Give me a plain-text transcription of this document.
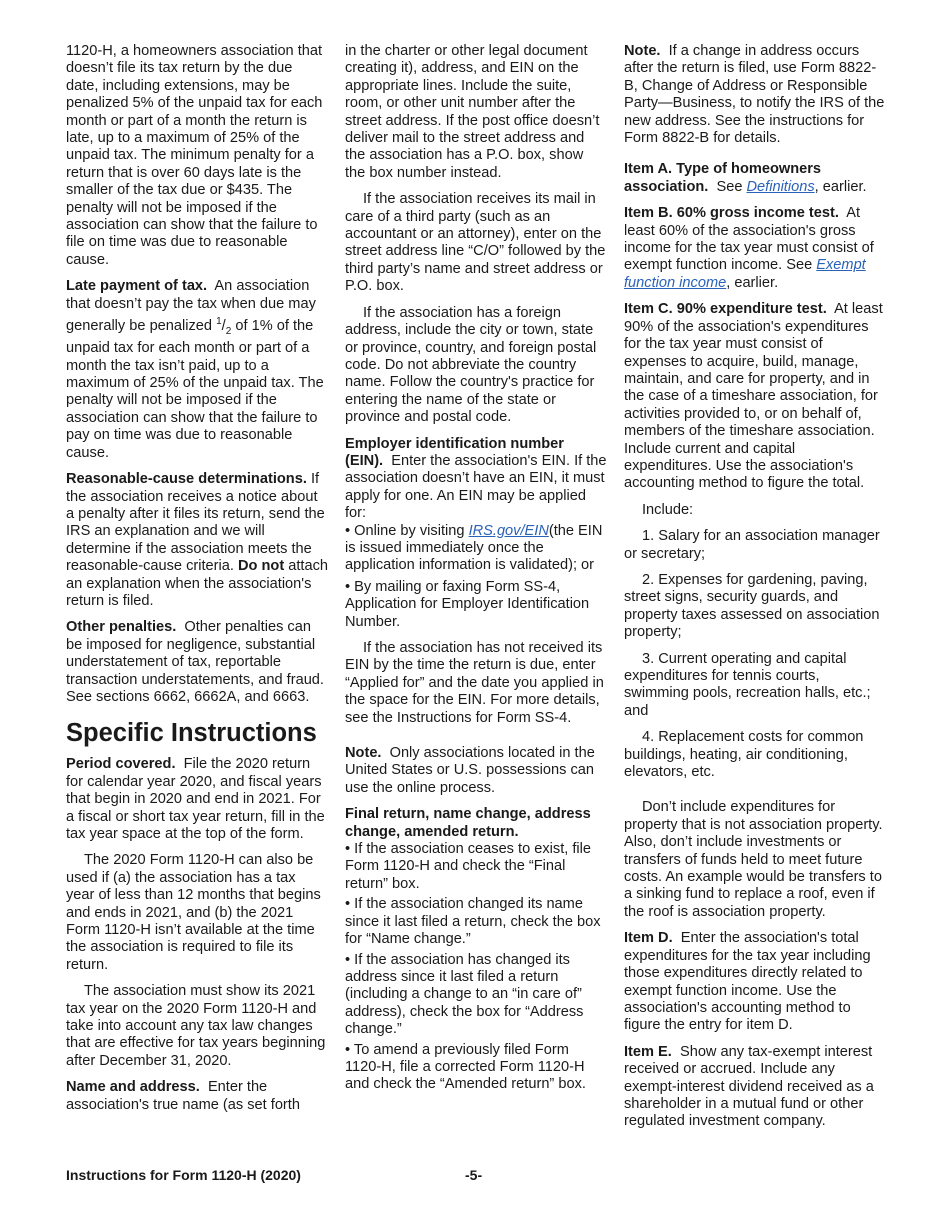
1120-H, a homeowners association that doesn’t file its tax return by the due date, including extensions, may be penalized 5% of the unpaid tax for each month or part of a month the return is late, up to a maximum of 25% of the unpaid tax. The minimum penalty for a return that is over 60 days late is the smaller of the tax due or $435. The penalty will not be imposed if the association can show that the failure to file on time was due to reasonable cause.

Late payment of tax. An association that doesn’t pay the tax when due may generally be penalized $^1/_2$ of 1% of the unpaid tax for each month or part of a month the tax isn’t paid, up to a maximum of 25% of the unpaid tax. The penalty will not be imposed if the association can show that the failure to pay on time was due to reasonable cause.

Reasonable-cause determinations. If the association receives a notice about a penalty after it files its return, send the IRS an explanation and we will determine if the association meets the reasonable-cause criteria. Do not attach an explanation when the association's return is filed.

Other penalties. Other penalties can be imposed for negligence, substantial understatement of tax, reportable transaction understatements, and fraud. See sections 6662, 6662A, and 6663.

Specific Instructions

Period covered. File the 2020 return for calendar year 2020, and fiscal years that begin in 2020 and end in 2021. For a fiscal or short tax year return, fill in the tax year space at the top of the form.

The 2020 Form 1120-H can also be used if (a) the association has a tax year of less than 12 months that begins and ends in 2021, and (b) the 2021 Form 1120-H isn’t available at the time the association is required to file its return.

The association must show its 2021 tax year on the 2020 Form 1120-H and take into account any tax law changes that are effective for tax years beginning after December 31, 2020.

Name and address. Enter the association's true name (as set forth

in the charter or other legal document creating it), address, and EIN on the appropriate lines. Include the suite, room, or other unit number after the street address. If the post office doesn’t deliver mail to the street address and the association has a P.O. box, show the box number instead.

If the association receives its mail in care of a third party (such as an accountant or an attorney), enter on the street address line “C/O” followed by the third party’s name and street address or P.O. box.

If the association has a foreign address, include the city or town, state or province, country, and foreign postal code. Do not abbreviate the country name. Follow the country's practice for entering the name of the state or province and postal code.

Employer identification number (EIN). Enter the association's EIN. If the association doesn’t have an EIN, it must apply for one. An EIN may be applied for:

• Online by visiting IRS.gov/EIN(the EIN is issued immediately once the application information is validated); or

• By mailing or faxing Form SS-4, Application for Employer Identification Number.

If the association has not received its EIN by the time the return is due, enter “Applied for” and the date you applied in the space for the EIN. For more details, see the Instructions for Form SS-4.

Note. Only associations located in the United States or U.S. possessions can use the online process.

Final return, name change, address change, amended return.

• If the association ceases to exist, file Form 1120-H and check the “Final return” box.

• If the association changed its name since it last filed a return, check the box for “Name change.”

• If the association has changed its address since it last filed a return (including a change to an “in care of” address), check the box for “Address change.”

• To amend a previously filed Form 1120-H, file a corrected Form 1120-H and check the “Amended return” box.

Note. If a change in address occurs after the return is filed, use Form 8822-B, Change of Address or Responsible Party—Business, to notify the IRS of the new address. See the instructions for Form 8822-B for details.

Item A. Type of homeowners association. See Definitions, earlier.

Item B. 60% gross income test. At least 60% of the association's gross income for the tax year must consist of exempt function income. See Exempt function income, earlier.

Item C. 90% expenditure test. At least 90% of the association's expenditures for the tax year must consist of expenses to acquire, build, manage, maintain, and care for property, and in the case of a timeshare association, for activities provided to, or on behalf of, members of the timeshare association. Include current and capital expenditures. Use the association's accounting method to figure the total.

Include:

1. Salary for an association manager or secretary;

2. Expenses for gardening, paving, street signs, security guards, and property taxes assessed on association property;

3. Current operating and capital expenditures for tennis courts, swimming pools, recreation halls, etc.; and

4. Replacement costs for common buildings, heating, air conditioning, elevators, etc.

Don’t include expenditures for property that is not association property. Also, don’t include investments or transfers of funds held to meet future costs. An example would be transfers to a sinking fund to replace a roof, even if the roof is association property.

Item D. Enter the association's total expenditures for the tax year including those expenditures directly related to exempt function income. Use the association's accounting method to figure the entry for item D.

Item E. Show any tax-exempt interest received or accrued. Include any exempt-interest dividend received as a shareholder in a mutual fund or other regulated investment company.

Instructions for Form 1120-H (2020)	-5-
